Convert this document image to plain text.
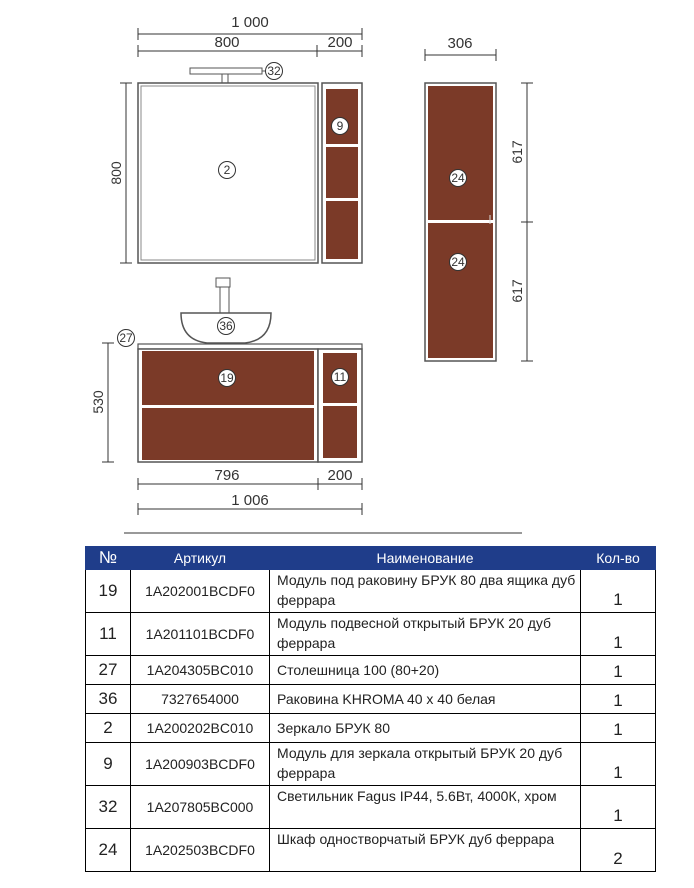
1 000
800	200
32
2
9
800
306
24
24
617
617
36
27
19	11
530
796	200
1 006
№	Артикул	Наименование	Кол-во
19	1A202001BCDF0	Модуль под раковину БРУК 80 два ящика дуб феррара	1
11	1A201101BCDF0	Модуль подвесной открытый БРУК 20 дуб феррара	1
27	1A204305BC010	Столешница 100 (80+20)	1
36	7327654000	Раковина KHROMA 40 х 40 белая	1
2	1A200202BC010	Зеркало БРУК 80	1
9	1A200903BCDF0	Модуль для зеркала открытый БРУК 20 дуб феррара	1
32	1A207805BC000	Светильник Fagus IP44, 5.6Вт, 4000К, хром	1
24	1A202503BCDF0	Шкаф одностворчатый БРУК дуб феррара	2
